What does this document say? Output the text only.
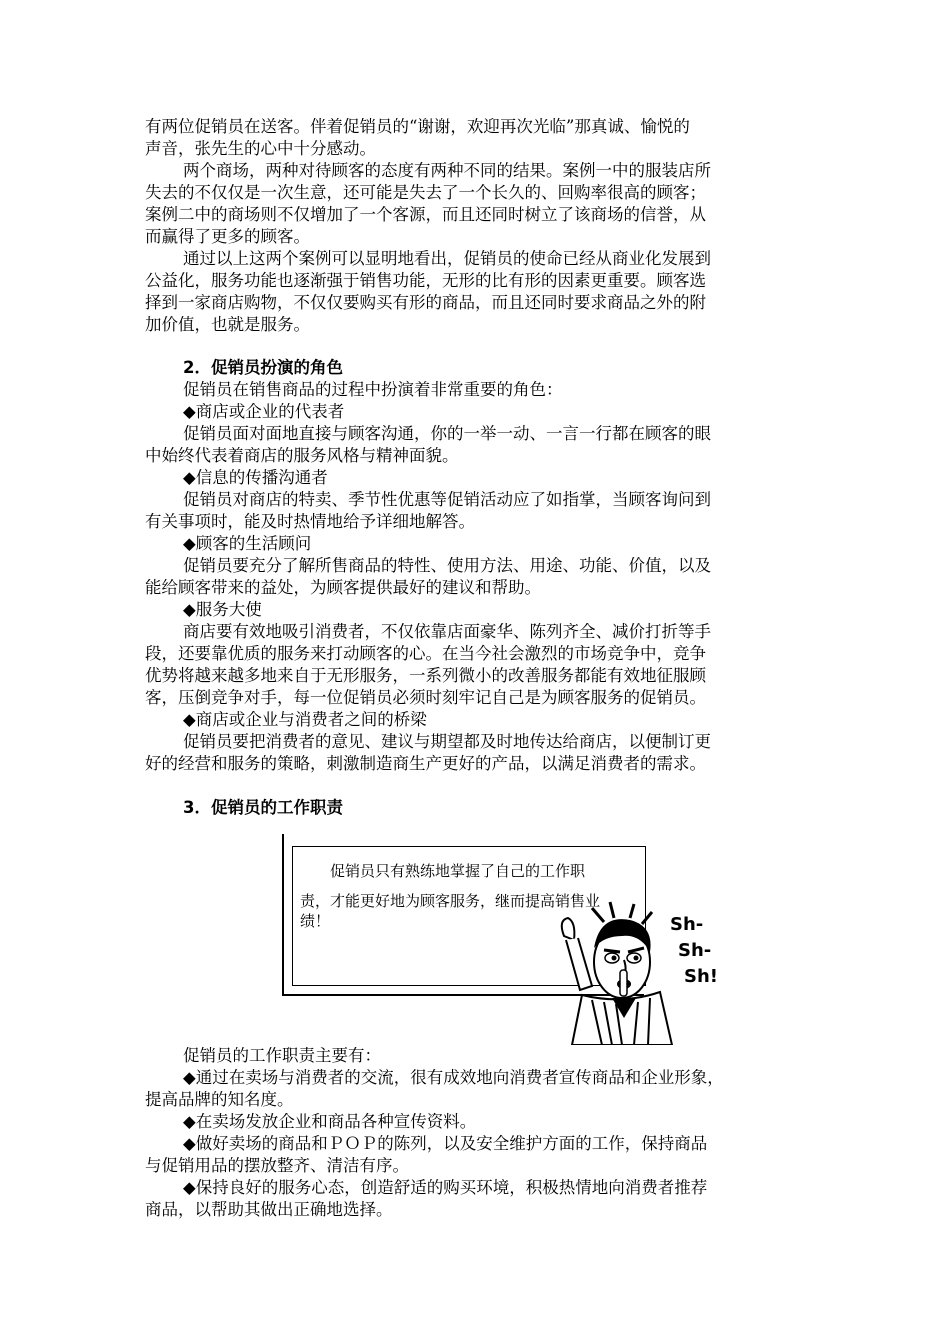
有两位促销员在送客。伴着促销员的“谢谢，欢迎再次光临”那真诚、愉悦的
声音，张先生的心中十分感动。
两个商场，两种对待顾客的态度有两种不同的结果。案例一中的服装店所
失去的不仅仅是一次生意，还可能是失去了一个长久的、回购率很高的顾客；
案例二中的商场则不仅增加了一个客源，而且还同时树立了该商场的信誉，从
而赢得了更多的顾客。
通过以上这两个案例可以显明地看出，促销员的使命已经从商业化发展到
公益化，服务功能也逐渐强于销售功能，无形的比有形的因素更重要。顾客选
择到一家商店购物，不仅仅要购买有形的商品，而且还同时要求商品之外的附
加价值，也就是服务。
2．促销员扮演的角色
促销员在销售商品的过程中扮演着非常重要的角色：
◆商店或企业的代表者
促销员面对面地直接与顾客沟通，你的一举一动、一言一行都在顾客的眼
中始终代表着商店的服务风格与精神面貌。
◆信息的传播沟通者
促销员对商店的特卖、季节性优惠等促销活动应了如指掌，当顾客询问到
有关事项时，能及时热情地给予详细地解答。
◆顾客的生活顾问
促销员要充分了解所售商品的特性、使用方法、用途、功能、价值，以及
能给顾客带来的益处，为顾客提供最好的建议和帮助。
◆服务大使
商店要有效地吸引消费者，不仅依靠店面豪华、陈列齐全、减价打折等手
段，还要靠优质的服务来打动顾客的心。在当今社会激烈的市场竞争中，竞争
优势将越来越多地来自于无形服务，一系列微小的改善服务都能有效地征服顾
客，压倒竞争对手，每一位促销员必须时刻牢记自己是为顾客服务的促销员。
◆商店或企业与消费者之间的桥梁
促销员要把消费者的意见、建议与期望都及时地传达给商店，以便制订更
好的经营和服务的策略，刺激制造商生产更好的产品，以满足消费者的需求。
3．促销员的工作职责
促销员只有熟练地掌握了自己的工作职
责，才能更好地为顾客服务，继而提高销售业
绩！	Sh-
Sh-
Sh!
促销员的工作职责主要有：
◆通过在卖场与消费者的交流，很有成效地向消费者宣传商品和企业形象，
提高品牌的知名度。
◆在卖场发放企业和商品各种宣传资料。
◆做好卖场的商品和ＰＯＰ的陈列，以及安全维护方面的工作，保持商品
与促销用品的摆放整齐、清洁有序。
◆保持良好的服务心态，创造舒适的购买环境，积极热情地向消费者推荐
商品，以帮助其做出正确地选择。
